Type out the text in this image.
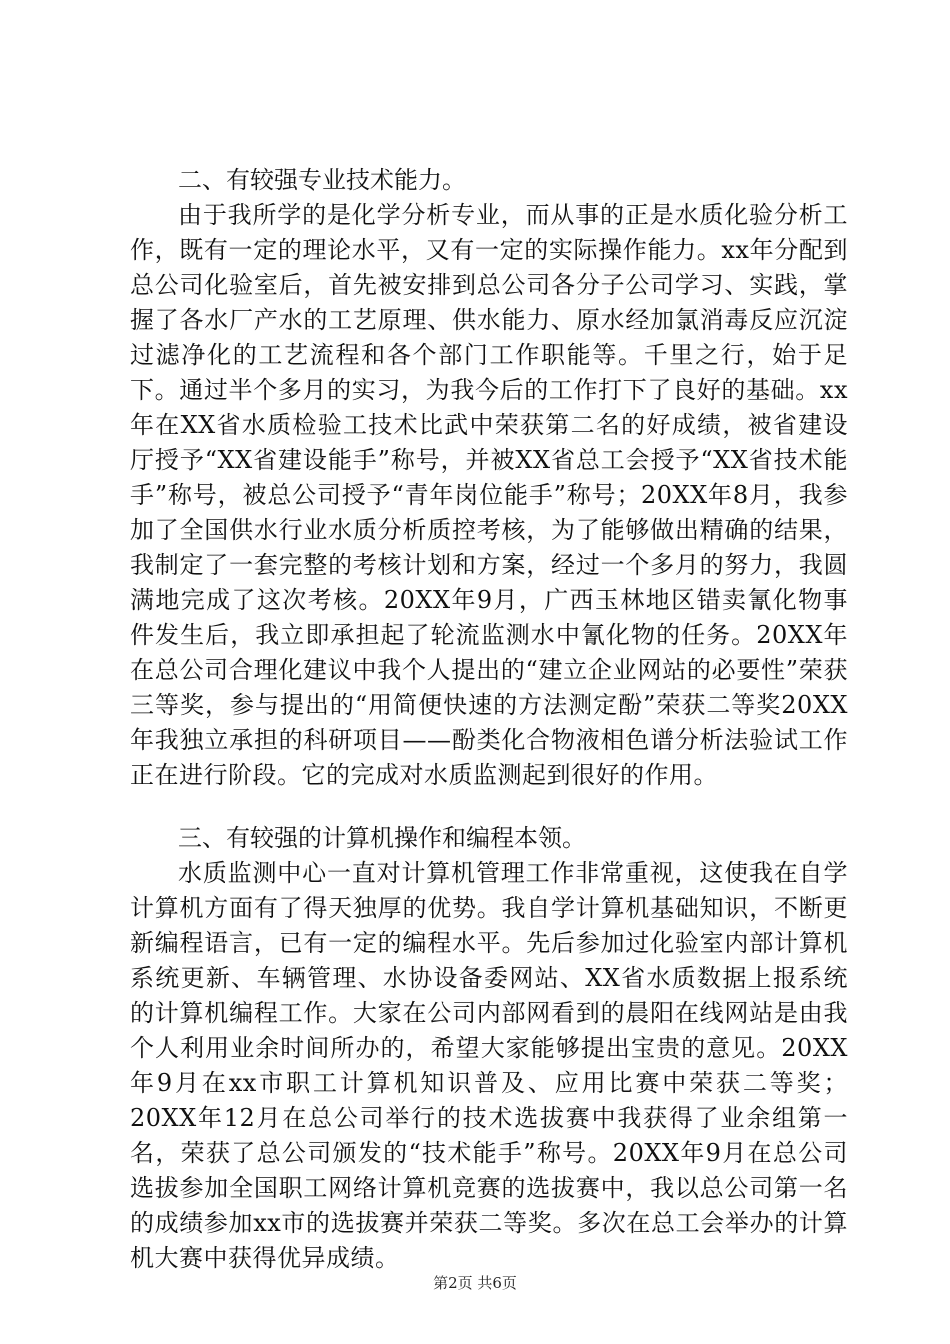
二、有较强专业技术能力。

由于我所学的是化学分析专业，而从事的正是水质化验分析工作，既有一定的理论水平，又有一定的实际操作能力。xx年分配到总公司化验室后，首先被安排到总公司各分子公司学习、实践，掌握了各水厂产水的工艺原理、供水能力、原水经加氯消毒反应沉淀过滤净化的工艺流程和各个部门工作职能等。千里之行，始于足下。通过半个多月的实习，为我今后的工作打下了良好的基础。xx年在XX省水质检验工技术比武中荣获第二名的好成绩，被省建设厅授予“XX省建设能手”称号，并被XX省总工会授予“XX省技术能手”称号，被总公司授予“青年岗位能手”称号；20XX年8月，我参加了全国供水行业水质分析质控考核，为了能够做出精确的结果，我制定了一套完整的考核计划和方案，经过一个多月的努力，我圆满地完成了这次考核。20XX年9月，广西玉林地区错卖氰化物事件发生后，我立即承担起了轮流监测水中氰化物的任务。20XX年在总公司合理化建议中我个人提出的“建立企业网站的必要性”荣获三等奖，参与提出的“用简便快速的方法测定酚”荣获二等奖20XX年我独立承担的科研项目——酚类化合物液相色谱分析法验试工作正在进行阶段。它的完成对水质监测起到很好的作用。

三、有较强的计算机操作和编程本领。

水质监测中心一直对计算机管理工作非常重视，这使我在自学计算机方面有了得天独厚的优势。我自学计算机基础知识，不断更新编程语言，已有一定的编程水平。先后参加过化验室内部计算机系统更新、车辆管理、水协设备委网站、XX省水质数据上报系统的计算机编程工作。大家在公司内部网看到的晨阳在线网站是由我个人利用业余时间所办的，希望大家能够提出宝贵的意见。20XX年9月在xx市职工计算机知识普及、应用比赛中荣获二等奖；20XX年12月在总公司举行的技术选拔赛中我获得了业余组第一名，荣获了总公司颁发的“技术能手”称号。20XX年9月在总公司选拔参加全国职工网络计算机竞赛的选拔赛中，我以总公司第一名的成绩参加xx市的选拔赛并荣获二等奖。多次在总工会举办的计算机大赛中获得优异成绩。

第2页 共6页
